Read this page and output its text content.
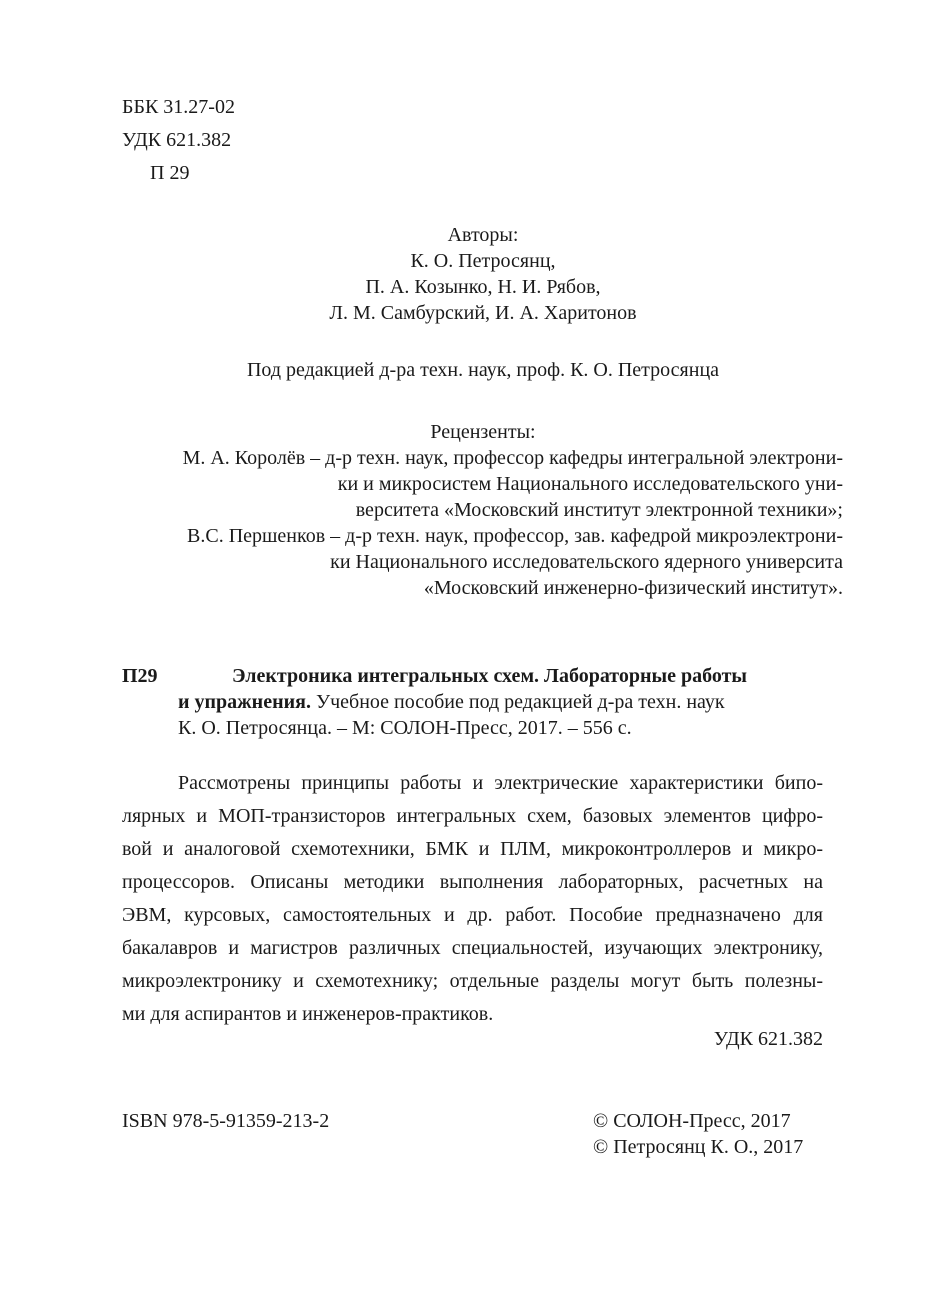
ББК 31.27-02
УДК 621.382
П 29
Авторы:
К. О. Петросянц,
П. А. Козынко, Н. И. Рябов,
Л. М. Самбурский, И. А. Харитонов
Под редакцией д-ра техн. наук, проф. К. О. Петросянца
Рецензенты:
М. А. Королёв – д-р техн. наук, профессор кафедры интегральной электрони-
ки и микросистем Национального исследовательского уни-
верситета «Московский институт электронной техники»;
В.С. Першенков – д-р техн. наук, профессор, зав. кафедрой микроэлектрони-
ки Национального исследовательского ядерного университа
«Московский инженерно-физический институт».
П29	Электроника интегральных схем. Лабораторные работы
и упражнения. Учебное пособие под редакцией д-ра техн. наук
К. О. Петросянца. – М: СОЛОН-Пресс, 2017. – 556 с.
Рассмотрены принципы работы и электрические характеристики бипо-
лярных и МОП-транзисторов интегральных схем, базовых элементов цифро-
вой и аналоговой схемотехники, БМК и ПЛМ, микроконтроллеров и микро-
процессоров. Описаны методики выполнения лабораторных, расчетных на
ЭВМ, курсовых, самостоятельных и др. работ. Пособие предназначено для
бакалавров и магистров различных специальностей, изучающих электронику,
микроэлектронику и схемотехнику; отдельные разделы могут быть полезны-
ми для аспирантов и инженеров-практиков.
УДК 621.382
ISBN 978-5-91359-213-2	© СОЛОН-Пресс, 2017
© Петросянц К. О., 2017
